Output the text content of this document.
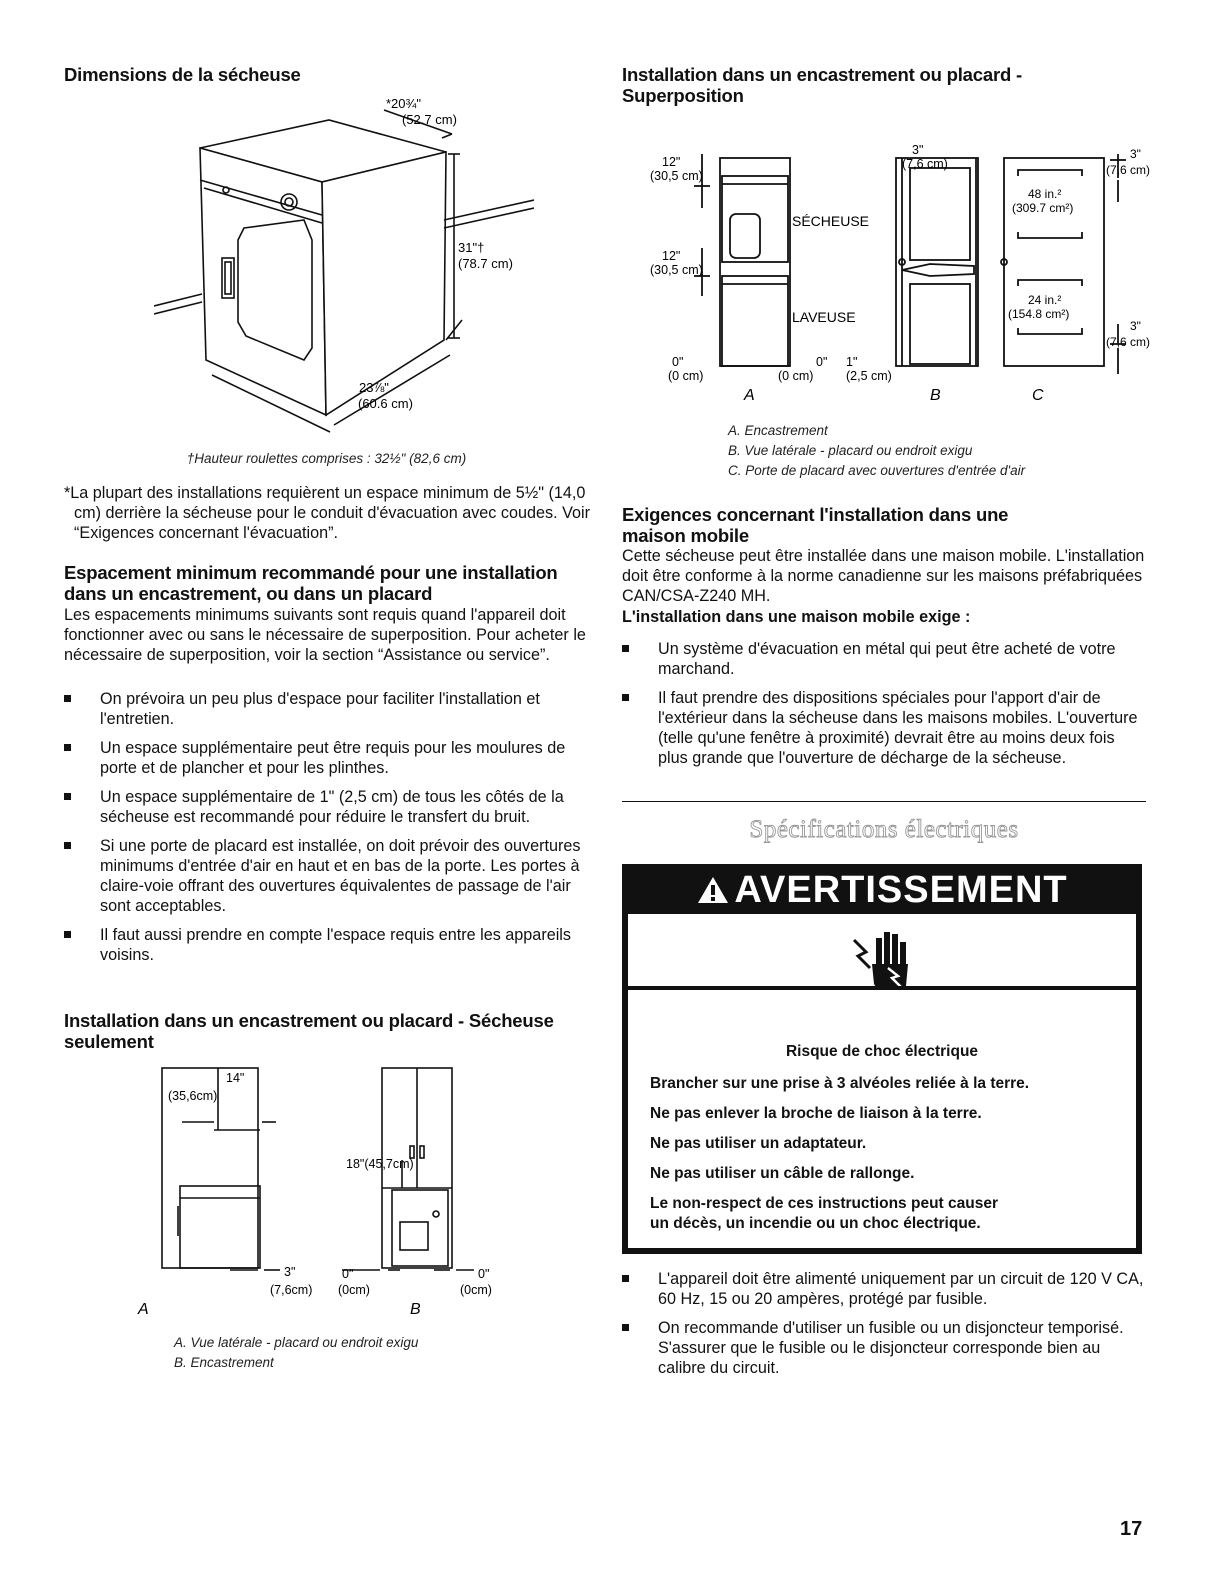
Dimensions de la sécheuse
*20¾"
(52.7 cm)
31"†
(78.7 cm)
23⅞"
(60.6 cm)
†Hauteur roulettes comprises : 32½" (82,6 cm)

*La plupart des installations requièrent un espace minimum de 5½" (14,0 cm) derrière la sécheuse pour le conduit d'évacuation avec coudes. Voir “Exigences concernant l'évacuation”.

Espacement minimum recommandé pour une installation dans un encastrement, ou dans un placard

Les espacements minimums suivants sont requis quand l'appareil doit fonctionner avec ou sans le nécessaire de superposition. Pour acheter le nécessaire de superposition, voir la section “Assistance ou service”.

On prévoira un peu plus d'espace pour faciliter l'installation et l'entretien.
Un espace supplémentaire peut être requis pour les moulures de porte et de plancher et pour les plinthes.
Un espace supplémentaire de 1" (2,5 cm) de tous les côtés de la sécheuse est recommandé pour réduire le transfert du bruit.
Si une porte de placard est installée, on doit prévoir des ouvertures minimums d'entrée d'air en haut et en bas de la porte. Les portes à claire-voie offrant des ouvertures équivalentes de passage de l'air sont acceptables.
Il faut aussi prendre en compte l'espace requis entre les appareils voisins.
Installation dans un encastrement ou placard - Sécheuse seulement
14"
(35,6cm)
3"
(7,6cm)
A
18"(45,7cm)
0"
(0cm)
0"
(0cm)
B
A. Vue latérale - placard ou endroit exigu
B. Encastrement
Installation dans un encastrement ou placard - Superposition
12"
(30,5 cm)
12"
(30,5 cm)
SÉCHEUSE
LAVEUSE
0"
(0 cm)
0"
(0 cm)
3"
(7,6 cm)
1"
(2,5 cm)
48 in.²
(309.7 cm²)
24 in.²
(154.8 cm²)
3"
(7,6 cm)
3"
(7,6 cm)
A	B	C
A. Encastrement
B. Vue latérale - placard ou endroit exigu
C. Porte de placard avec ouvertures d'entrée d'air
Exigences concernant l'installation dans une maison mobile

Cette sécheuse peut être installée dans une maison mobile. L'installation doit être conforme à la norme canadienne sur les maisons préfabriquées CAN/CSA-Z240 MH.

L'installation dans une maison mobile exige :
Un système d'évacuation en métal qui peut être acheté de votre marchand.
Il faut prendre des dispositions spéciales pour l'apport d'air de l'extérieur dans la sécheuse dans les maisons mobiles. L'ouverture (telle qu'une fenêtre à proximité) devrait être au moins deux fois plus grande que l'ouverture de décharge de la sécheuse.
Spécifications électriques
AVERTISSEMENT
Risque de choc électrique
Brancher sur une prise à 3 alvéoles reliée à la terre.
Ne pas enlever la broche de liaison à la terre.
Ne pas utiliser un adaptateur.
Ne pas utiliser un câble de rallonge.
Le non-respect de ces instructions peut causer
un décès, un incendie ou un choc électrique.
L'appareil doit être alimenté uniquement par un circuit de 120 V CA, 60 Hz, 15 ou 20 ampères, protégé par fusible.
On recommande d'utiliser un fusible ou un disjoncteur temporisé. S'assurer que le fusible ou le disjoncteur corresponde bien au calibre du circuit.
17
